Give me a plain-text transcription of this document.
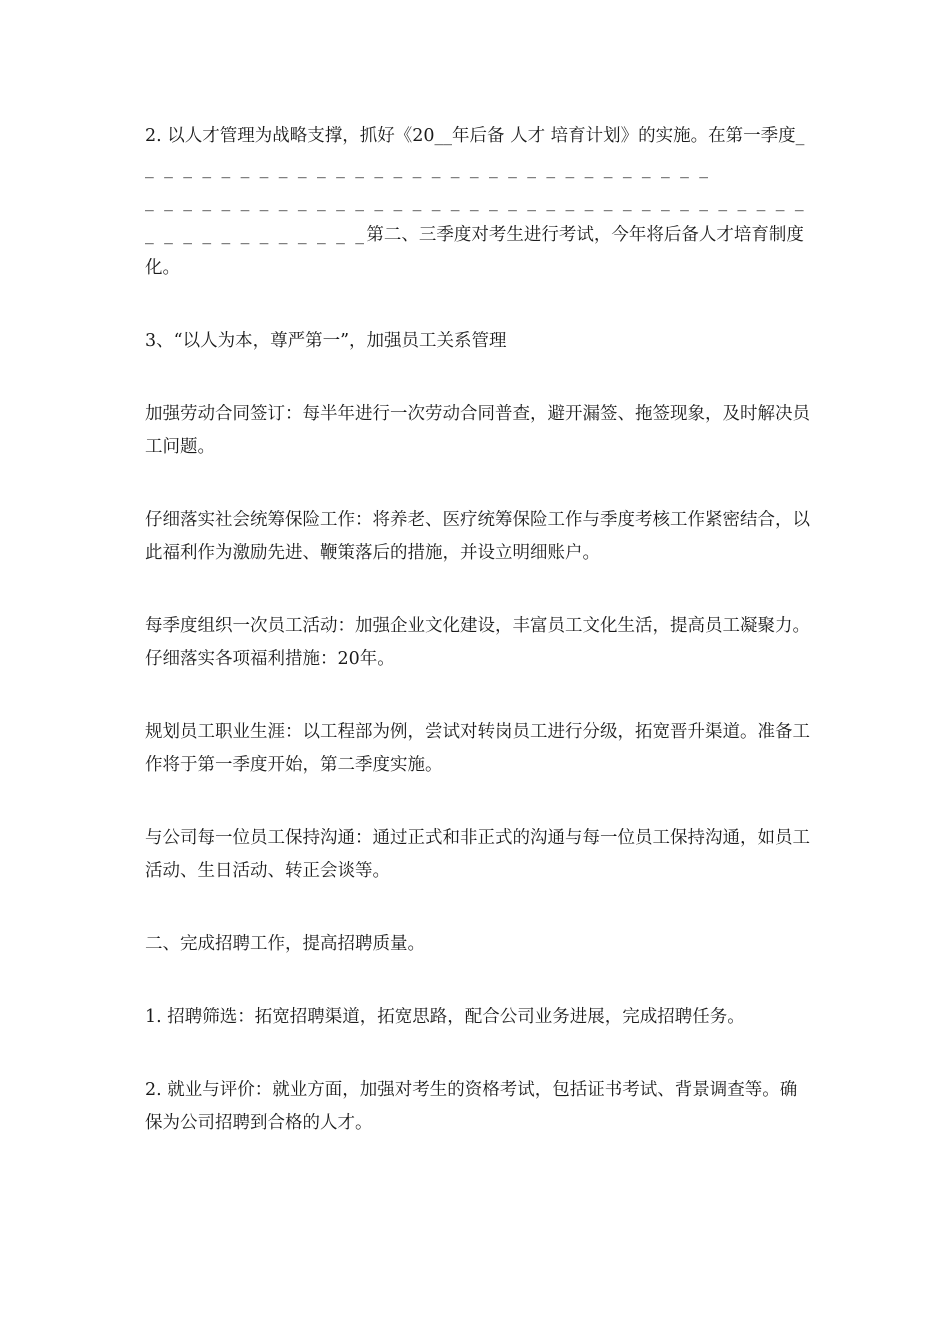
2. 以人才管理为战略支撑，抓好《20__年后备 人才 培育计划》的实施。在第一季度_ _ _ _ _ _ _ _ _ _ _ _ _ _ _ _ _ _ _ _ _ _ _ _ _ _ _ _ _ _ _
_ _ _ _ _ _ _ _ _ _ _ _ _ _ _ _ _ _ _ _ _ _ _ _ _ _ _ _ _ _ _ _ _ _ _
_ _ _ _ _ _ _ _ _ _ _ _第二、三季度对考生进行考试，今年将后备人才培育制度化。

3、“以人为本，尊严第一”，加强员工关系管理

加强劳动合同签订：每半年进行一次劳动合同普查，避开漏签、拖签现象，及时解决员工问题。

仔细落实社会统筹保险工作：将养老、医疗统筹保险工作与季度考核工作紧密结合，以此福利作为激励先进、鞭策落后的措施，并设立明细账户。

每季度组织一次员工活动：加强企业文化建设，丰富员工文化生活，提高员工凝聚力。仔细落实各项福利措施：20年。

规划员工职业生涯：以工程部为例，尝试对转岗员工进行分级，拓宽晋升渠道。准备工作将于第一季度开始，第二季度实施。

与公司每一位员工保持沟通：通过正式和非正式的沟通与每一位员工保持沟通，如员工活动、生日活动、转正会谈等。

二、完成招聘工作，提高招聘质量。

1. 招聘筛选：拓宽招聘渠道，拓宽思路，配合公司业务进展，完成招聘任务。

2. 就业与评价：就业方面，加强对考生的资格考试，包括证书考试、背景调查等。确保为公司招聘到合格的人才。
